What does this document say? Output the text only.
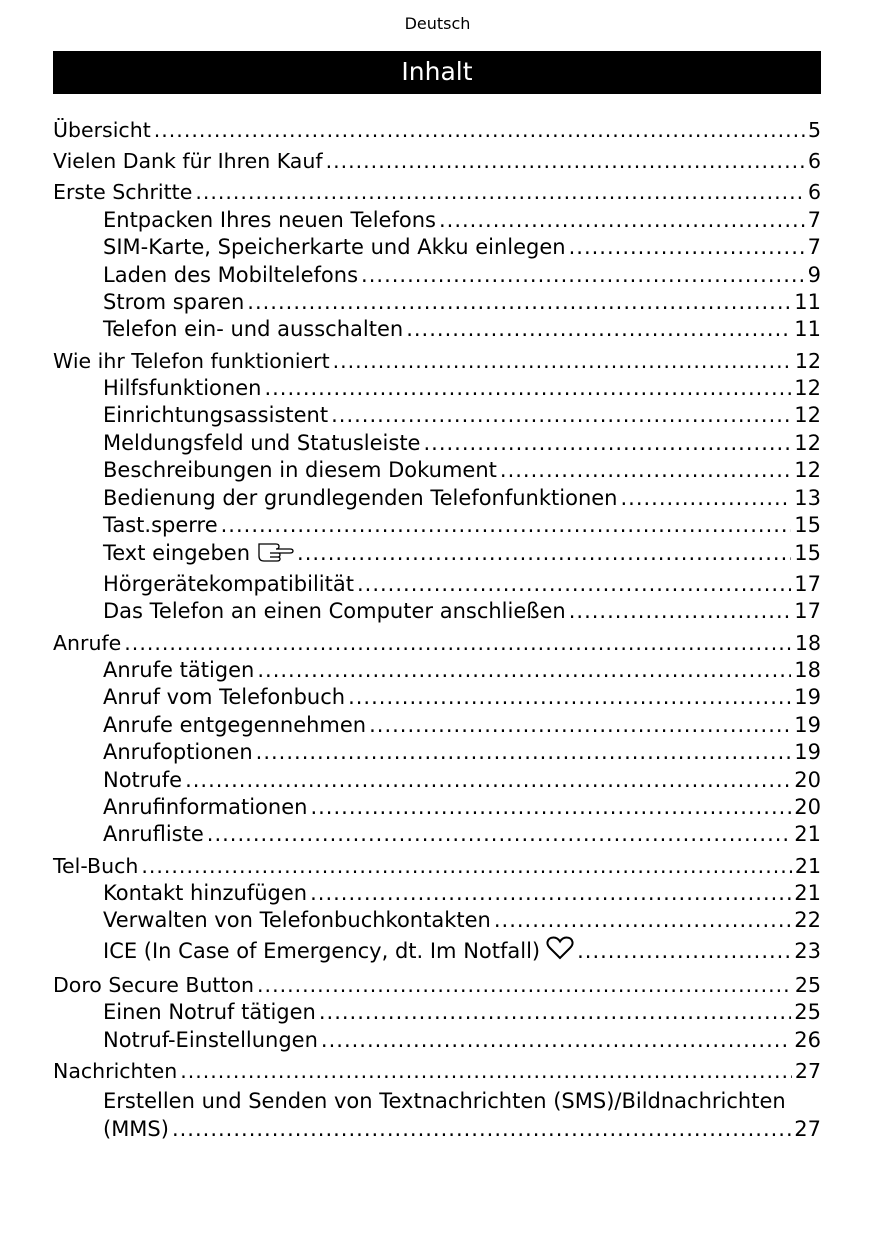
Deutsch
Inhalt
Übersicht .....	5
Vielen Dank für Ihren Kauf .....	6
Erste Schritte .....	6
Entpacken Ihres neuen Telefons .....	7
SIM-Karte, Speicherkarte und Akku einlegen .....	7
Laden des Mobiltelefons .....	9
Strom sparen .....	11
Telefon ein- und ausschalten .....	11
Wie ihr Telefon funktioniert .....	12
Hilfsfunktionen .....	12
Einrichtungsassistent .....	12
Meldungsfeld und Statusleiste .....	12
Beschreibungen in diesem Dokument .....	12
Bedienung der grundlegenden Telefonfunktionen .....	13
Tast.sperre .....	15
Text eingeben .....	15
Hörgerätekompatibilität .....	17
Das Telefon an einen Computer anschließen .....	17
Anrufe .....	18
Anrufe tätigen .....	18
Anruf vom Telefonbuch .....	19
Anrufe entgegennehmen .....	19
Anrufoptionen .....	19
Notrufe .....	20
Anrufinformationen .....	20
Anrufliste .....	21
Tel-Buch .....	21
Kontakt hinzufügen .....	21
Verwalten von Telefonbuchkontakten .....	22
ICE (In Case of Emergency, dt. Im Notfall) .....	23
Doro Secure Button .....	25
Einen Notruf tätigen .....	25
Notruf-Einstellungen .....	26
Nachrichten .....	27
Erstellen und Senden von Textnachrichten (SMS)/Bildnachrichten
(MMS) .....	27
